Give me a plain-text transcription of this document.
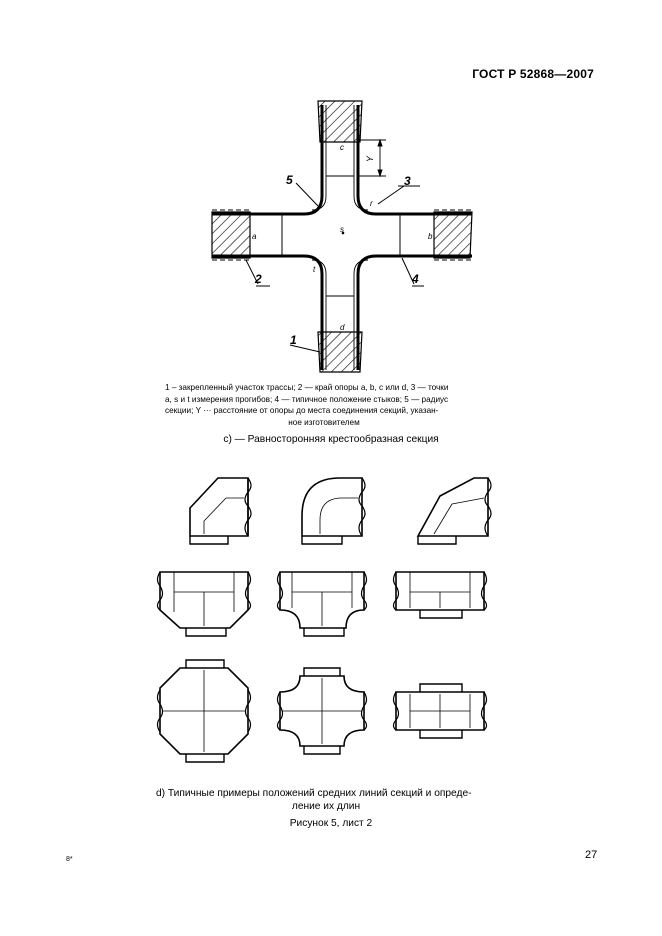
ГОСТ Р 52868—2007
5	3
2	4
1
c
a	b
s
t
r
d
Y
1 – закрепленный участок трассы; 2 — край опоры a, b, c или d, 3 — точки
a, s и t измерения прогибов; 4 — типичное положение стыков; 5 — радиус
секции; Y ··· расстояние от опоры до места соединения секций, указан-
ное изготовителем
с) — Равносторонняя крестообразная секция
d) Типичные примеры положений средних линий секций и опреде-
ление их длин
Рисунок 5, лист 2
27
8*
